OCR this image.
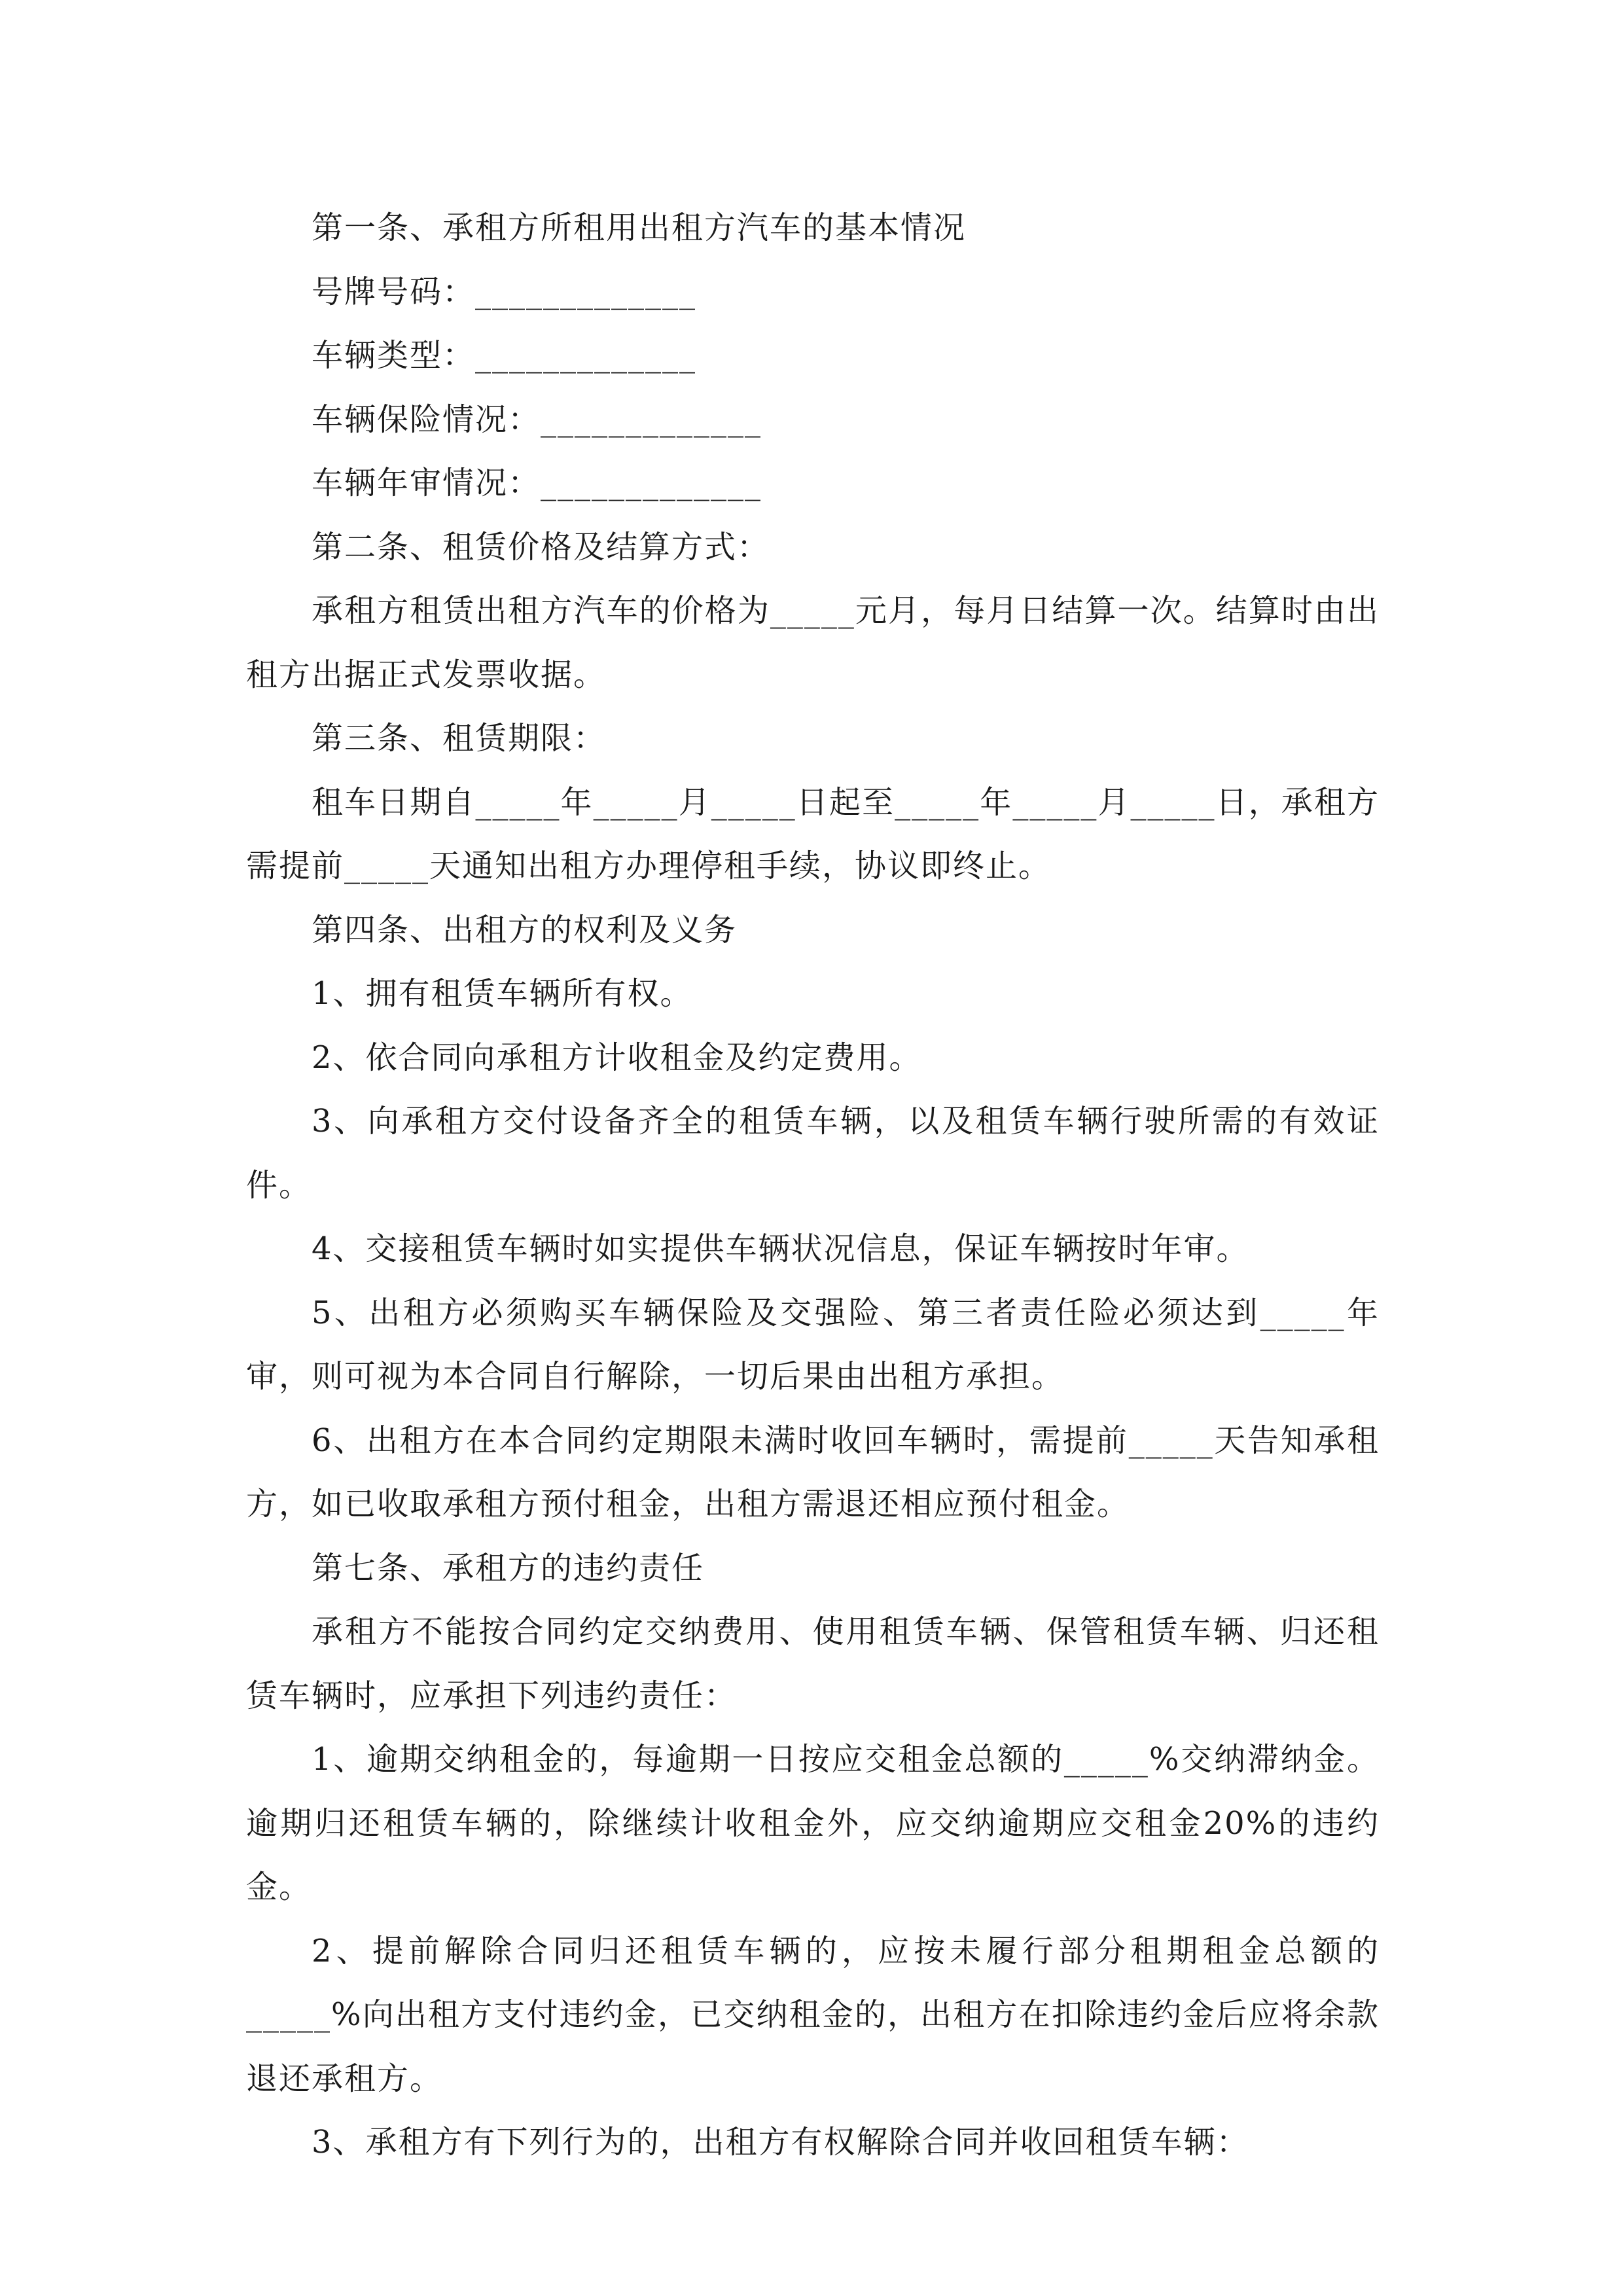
第一条、承租方所租用出租方汽车的基本情况

号牌号码：_____________

车辆类型：_____________

车辆保险情况：_____________

车辆年审情况：_____________

第二条、租赁价格及结算方式：

承租方租赁出租方汽车的价格为_____元月，每月日结算一次。结算时由出租方出据正式发票收据。

第三条、租赁期限：

租车日期自_____年_____月_____日起至_____年_____月_____日，承租方需提前_____天通知出租方办理停租手续，协议即终止。

第四条、出租方的权利及义务

1、拥有租赁车辆所有权。

2、依合同向承租方计收租金及约定费用。

3、向承租方交付设备齐全的租赁车辆，以及租赁车辆行驶所需的有效证件。

4、交接租赁车辆时如实提供车辆状况信息，保证车辆按时年审。

5、出租方必须购买车辆保险及交强险、第三者责任险必须达到_____年审，则可视为本合同自行解除，一切后果由出租方承担。

6、出租方在本合同约定期限未满时收回车辆时，需提前_____天告知承租方，如已收取承租方预付租金，出租方需退还相应预付租金。

第七条、承租方的违约责任

承租方不能按合同约定交纳费用、使用租赁车辆、保管租赁车辆、归还租赁车辆时，应承担下列违约责任：

1、逾期交纳租金的，每逾期一日按应交租金总额的_____%交纳滞纳金。逾期归还租赁车辆的，除继续计收租金外，应交纳逾期应交租金20%的违约金。

2、提前解除合同归还租赁车辆的，应按未履行部分租期租金总额的_____%向出租方支付违约金，已交纳租金的，出租方在扣除违约金后应将余款退还承租方。

3、承租方有下列行为的，出租方有权解除合同并收回租赁车辆：
